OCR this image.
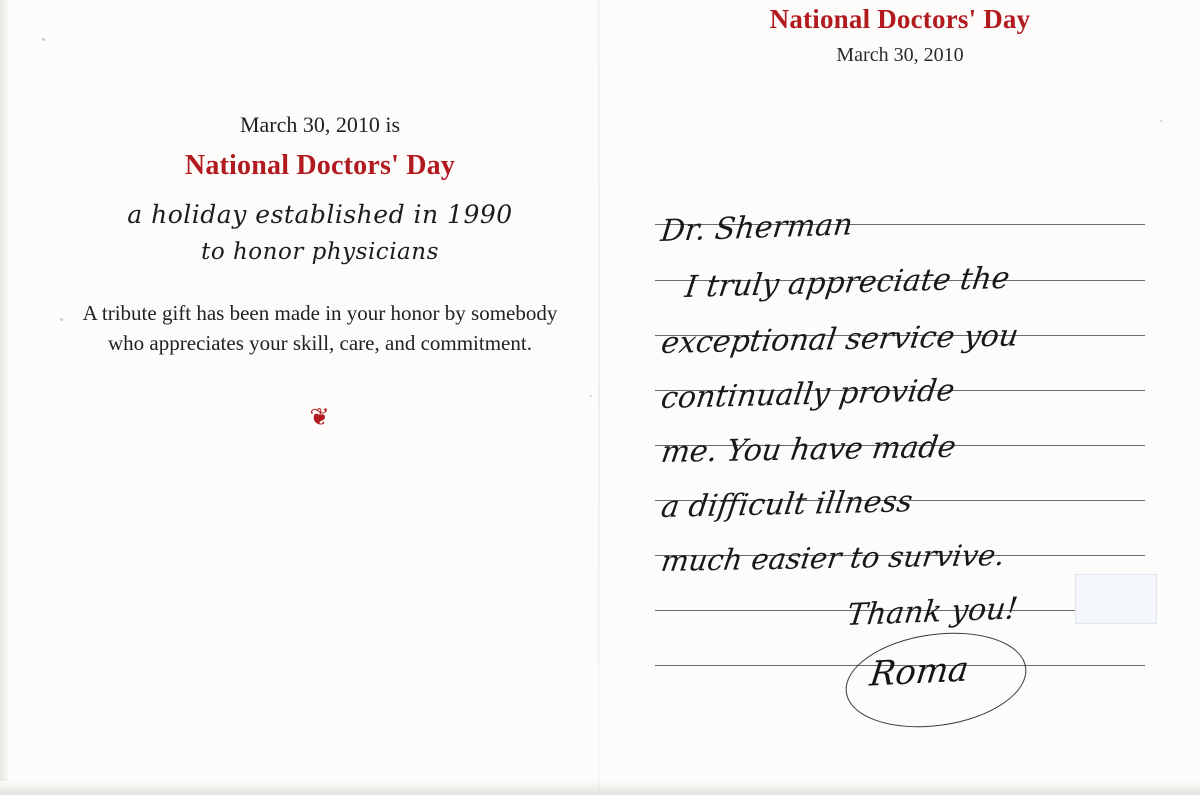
National Doctors' Day
March 30, 2010
March 30, 2010 is
National Doctors' Day
a holiday established in 1990
to honor physicians
A tribute gift has been made in your honor by somebody who appreciates your skill, care, and commitment.
❦
Dr. Sherman
I truly appreciate the
exceptional service you
continually provide
me. You have made
a difficult illness
much easier to survive.
Thank you!
Roma
